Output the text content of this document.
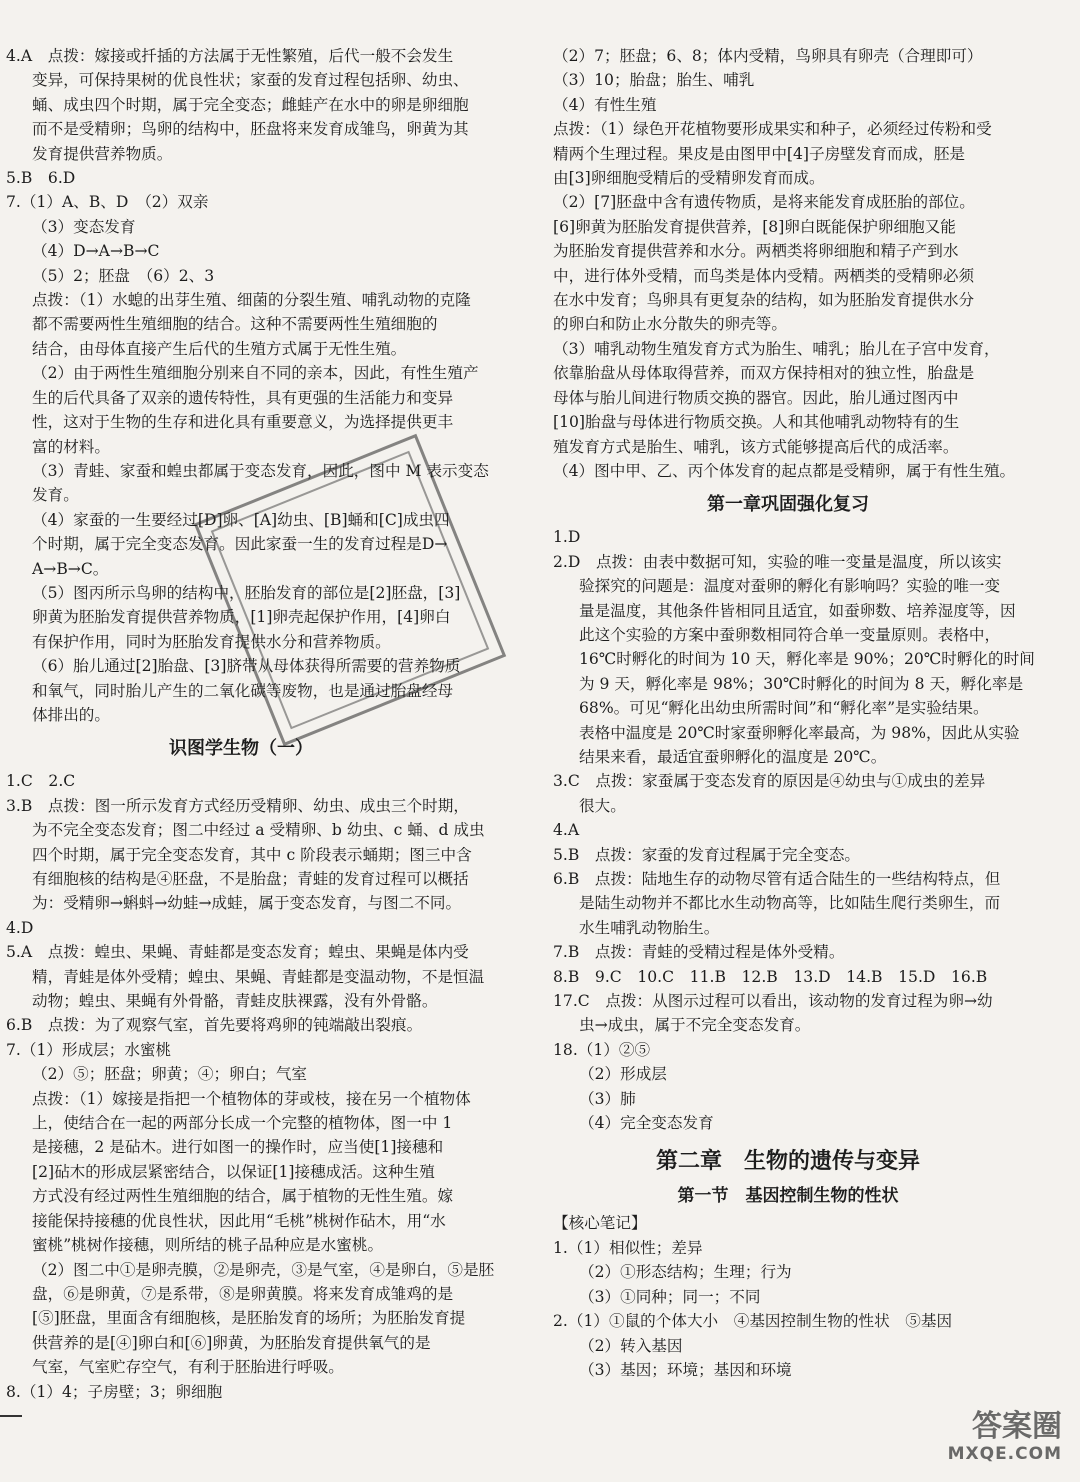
4.A　点拨：嫁接或扦插的方法属于无性繁殖，后代一般不会发生
变异，可保持果树的优良性状；家蚕的发育过程包括卵、幼虫、
蛹、成虫四个时期，属于完全变态；雌蛙产在水中的卵是卵细胞
而不是受精卵；鸟卵的结构中，胚盘将来发育成雏鸟，卵黄为其
发育提供营养物质。
5.B　6.D
7.（1）A、B、D　（2）双亲
（3）变态发育
（4）D→A→B→C
（5）2；胚盘　（6）2、3
点拨：（1）水螅的出芽生殖、细菌的分裂生殖、哺乳动物的克隆
都不需要两性生殖细胞的结合。这种不需要两性生殖细胞的
结合，由母体直接产生后代的生殖方式属于无性生殖。
（2）由于两性生殖细胞分别来自不同的亲本，因此，有性生殖产
生的后代具备了双亲的遗传特性，具有更强的生活能力和变异
性，这对于生物的生存和进化具有重要意义，为选择提供更丰
富的材料。
（3）青蛙、家蚕和蝗虫都属于变态发育，因此，图中 M 表示变态
发育。
（4）家蚕的一生要经过[D]卵、[A]幼虫、[B]蛹和[C]成虫四
个时期，属于完全变态发育。因此家蚕一生的发育过程是D→
A→B→C。
（5）图丙所示鸟卵的结构中，胚胎发育的部位是[2]胚盘，[3]
卵黄为胚胎发育提供营养物质，[1]卵壳起保护作用，[4]卵白
有保护作用，同时为胚胎发育提供水分和营养物质。
（6）胎儿通过[2]胎盘、[3]脐带从母体获得所需要的营养物质
和氧气，同时胎儿产生的二氧化碳等废物，也是通过胎盘经母
体排出的。
识图学生物（一）
1.C　2.C
3.B　点拨：图一所示发育方式经历受精卵、幼虫、成虫三个时期，
为不完全变态发育；图二中经过 a 受精卵、b 幼虫、c 蛹、d 成虫
四个时期，属于完全变态发育，其中 c 阶段表示蛹期；图三中含
有细胞核的结构是④胚盘，不是胎盘；青蛙的发育过程可以概括
为：受精卵→蝌蚪→幼蛙→成蛙，属于变态发育，与图二不同。
4.D
5.A　点拨：蝗虫、果蝇、青蛙都是变态发育；蝗虫、果蝇是体内受
精，青蛙是体外受精；蝗虫、果蝇、青蛙都是变温动物，不是恒温
动物；蝗虫、果蝇有外骨骼，青蛙皮肤裸露，没有外骨骼。
6.B　点拨：为了观察气室，首先要将鸡卵的钝端敲出裂痕。
7.（1）形成层；水蜜桃
（2）⑤；胚盘；卵黄；④；卵白；气室
点拨：（1）嫁接是指把一个植物体的芽或枝，接在另一个植物体
上，使结合在一起的两部分长成一个完整的植物体，图一中 1
是接穗，2 是砧木。进行如图一的操作时，应当使[1]接穗和
[2]砧木的形成层紧密结合，以保证[1]接穗成活。这种生殖
方式没有经过两性生殖细胞的结合，属于植物的无性生殖。嫁
接能保持接穗的优良性状，因此用“毛桃”桃树作砧木，用“水
蜜桃”桃树作接穗，则所结的桃子品种应是水蜜桃。
（2）图二中①是卵壳膜，②是卵壳，③是气室，④是卵白，⑤是胚
盘，⑥是卵黄，⑦是系带，⑧是卵黄膜。将来发育成雏鸡的是
[⑤]胚盘，里面含有细胞核，是胚胎发育的场所；为胚胎发育提
供营养的是[④]卵白和[⑥]卵黄，为胚胎发育提供氧气的是
气室，气室贮存空气，有利于胚胎进行呼吸。
8.（1）4；子房壁；3；卵细胞
（2）7；胚盘；6、8；体内受精，鸟卵具有卵壳（合理即可）
（3）10；胎盘；胎生、哺乳
（4）有性生殖
点拨：（1）绿色开花植物要形成果实和种子，必须经过传粉和受
精两个生理过程。果皮是由图甲中[4]子房壁发育而成，胚是
由[3]卵细胞受精后的受精卵发育而成。
（2）[7]胚盘中含有遗传物质，是将来能发育成胚胎的部位。
[6]卵黄为胚胎发育提供营养，[8]卵白既能保护卵细胞又能
为胚胎发育提供营养和水分。两栖类将卵细胞和精子产到水
中，进行体外受精，而鸟类是体内受精。两栖类的受精卵必须
在水中发育；鸟卵具有更复杂的结构，如为胚胎发育提供水分
的卵白和防止水分散失的卵壳等。
（3）哺乳动物生殖发育方式为胎生、哺乳；胎儿在子宫中发育，
依靠胎盘从母体取得营养，而双方保持相对的独立性，胎盘是
母体与胎儿间进行物质交换的器官。因此，胎儿通过图丙中
[10]胎盘与母体进行物质交换。人和其他哺乳动物特有的生
殖发育方式是胎生、哺乳，该方式能够提高后代的成活率。
（4）图中甲、乙、丙个体发育的起点都是受精卵，属于有性生殖。
第一章巩固强化复习
1.D
2.D　点拨：由表中数据可知，实验的唯一变量是温度，所以该实
验探究的问题是：温度对蚕卵的孵化有影响吗？实验的唯一变
量是温度，其他条件皆相同且适宜，如蚕卵数、培养湿度等，因
此这个实验的方案中蚕卵数相同符合单一变量原则。表格中，
16℃时孵化的时间为 10 天，孵化率是 90%；20℃时孵化的时间
为 9 天，孵化率是 98%；30℃时孵化的时间为 8 天，孵化率是
68%。可见“孵化出幼虫所需时间”和“孵化率”是实验结果。
表格中温度是 20℃时家蚕卵孵化率最高，为 98%，因此从实验
结果来看，最适宜蚕卵孵化的温度是 20℃。
3.C　点拨：家蚕属于变态发育的原因是④幼虫与①成虫的差异
很大。
4.A
5.B　点拨：家蚕的发育过程属于完全变态。
6.B　点拨：陆地生存的动物尽管有适合陆生的一些结构特点，但
是陆生动物并不都比水生动物高等，比如陆生爬行类卵生，而
水生哺乳动物胎生。
7.B　点拨：青蛙的受精过程是体外受精。
8.B　9.C　10.C　11.B　12.B　13.D　14.B　15.D　16.B
17.C　点拨：从图示过程可以看出，该动物的发育过程为卵→幼
虫→成虫，属于不完全变态发育。
18.（1）②⑤
（2）形成层
（3）肺
（4）完全变态发育
第二章　生物的遗传与变异
第一节　基因控制生物的性状
【核心笔记】
1.（1）相似性；差异
（2）①形态结构；生理；行为
（3）①同种；同一；不同
2.（1）①鼠的个体大小　④基因控制生物的性状　⑤基因
（2）转入基因
（3）基因；环境；基因和环境
答案圈
MXQE.COM
